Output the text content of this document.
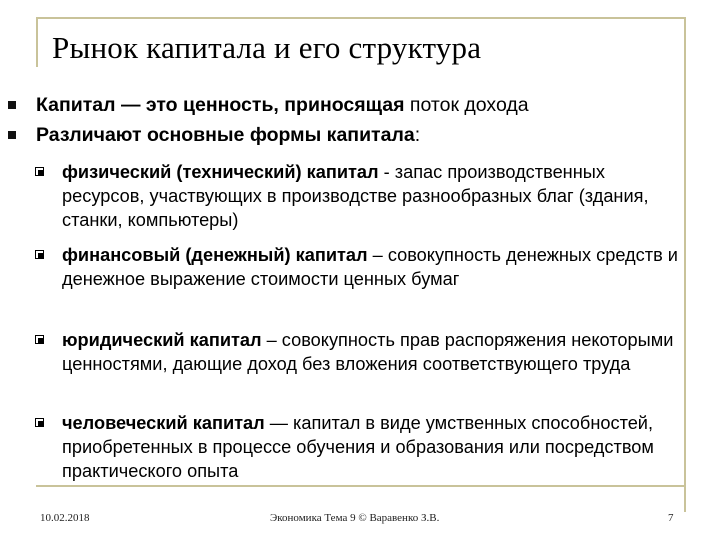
Рынок капитала и его структура
Капитал — это ценность, приносящая поток дохода
Различают основные формы капитала:
физический (технический) капитал - запас производственных ресурсов, участвующих в производстве разнообразных благ (здания, станки, компьютеры)
финансовый (денежный) капитал – совокупность денежных средств и денежное выражение стоимости ценных бумаг
юридический капитал – совокупность прав распоряжения некоторыми ценностями, дающие доход без вложения соответствующего труда
человеческий капитал — капитал в виде умственных способностей, приобретенных в процессе обучения и образования или посредством практического опыта
10.02.2018	Экономика Тема 9 © Варавенко З.В.	7
